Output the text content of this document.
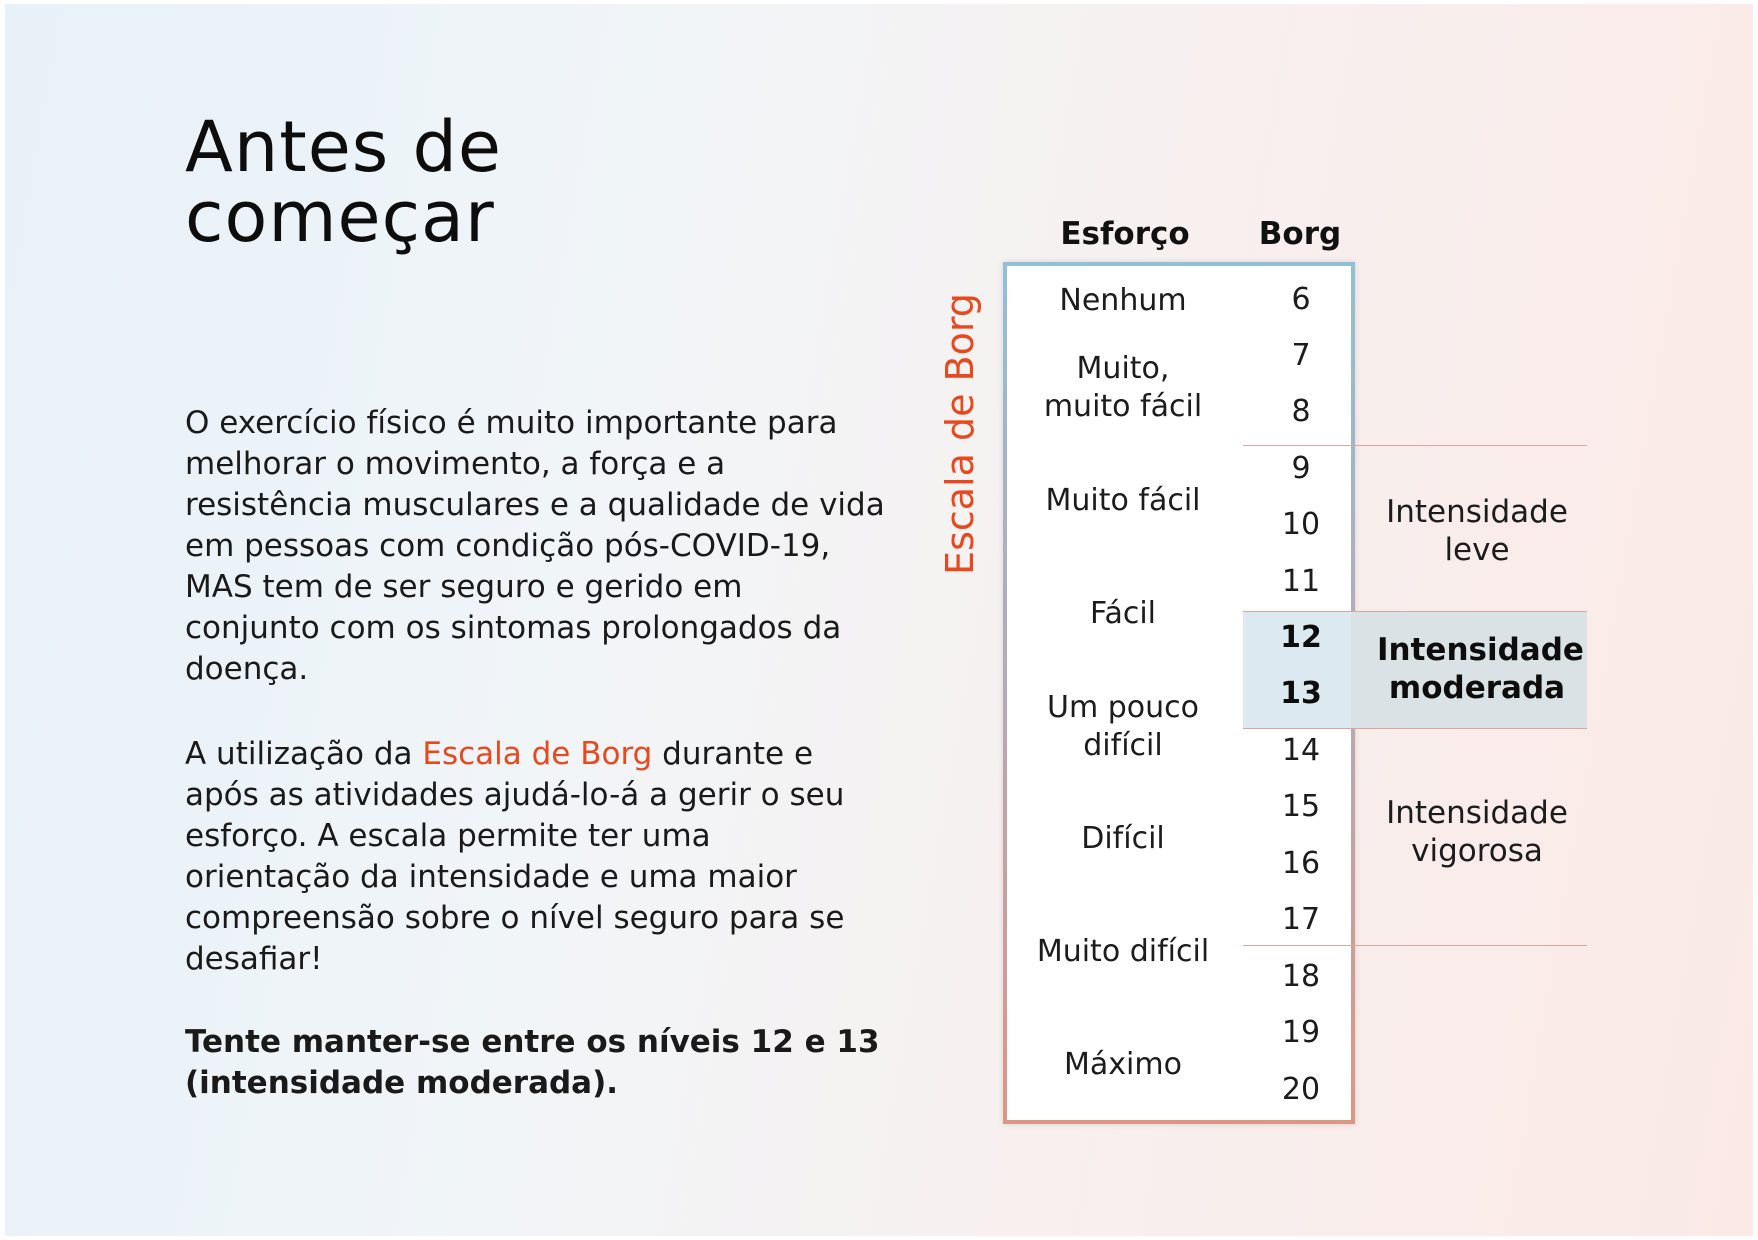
Antes de
começar

O exercício físico é muito importante para melhorar o movimento, a força e a resistência musculares e a qualidade de vida em pessoas com condição pós-COVID-19, MAS tem de ser seguro e gerido em conjunto com os sintomas prolongados da doença.

A utilização da Escala de Borg durante e após as atividades ajudá-lo-á a gerir o seu esforço. A escala permite ter uma orientação da intensidade e uma maior compreensão sobre o nível seguro para se desafiar!

Tente manter-se entre os níveis 12 e 13 (intensidade moderada).

Escala de Borg
Esforço	Borg
6
7
8
9
10
11
12
13
14
15
16
17
18
19
20
Nenhum
Muito,
muito fácil
Muito fácil
Fácil
Um pouco
difícil
Difícil
Muito difícil
Máximo
Intensidade
leve
Intensidade
moderada
Intensidade
vigorosa
